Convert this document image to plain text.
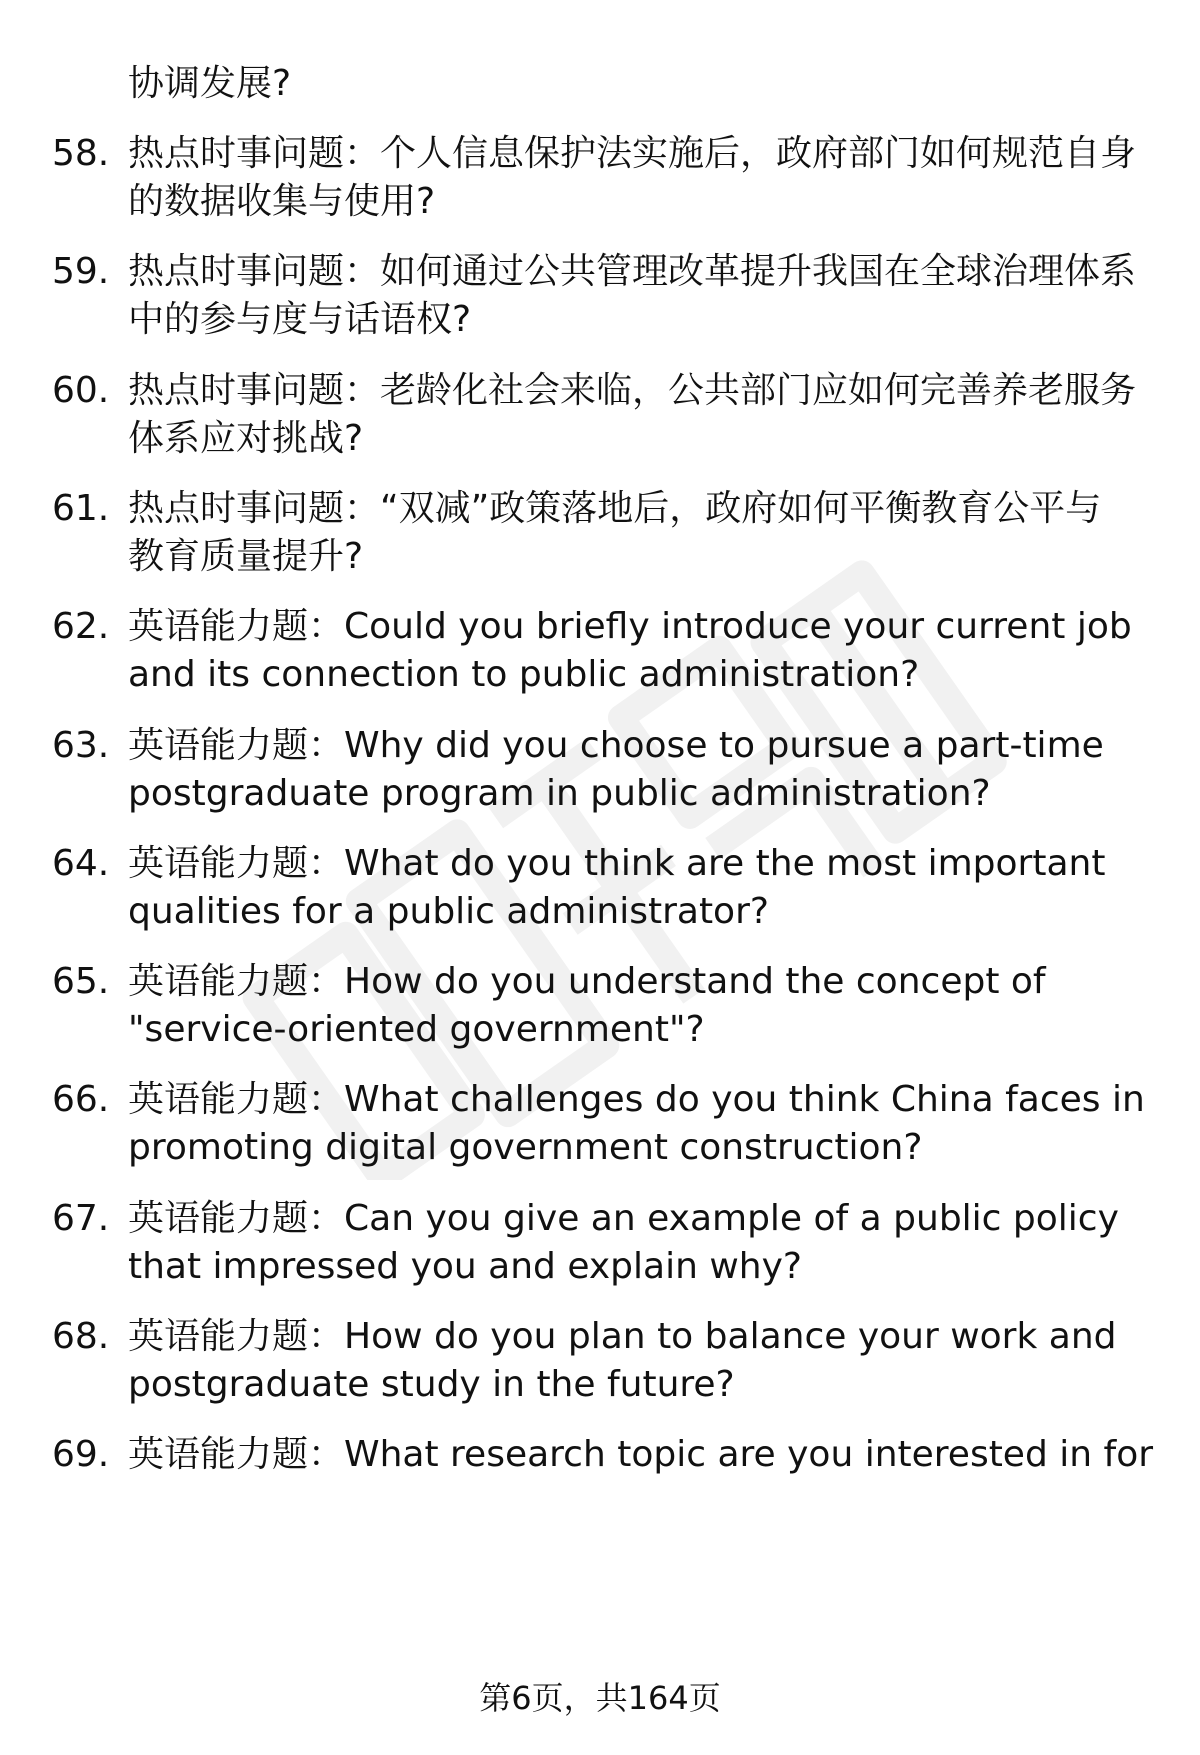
协调发展?
58. 热点时事问题：个人信息保护法实施后，政府部门如何规范自身
的数据收集与使用?
59. 热点时事问题：如何通过公共管理改革提升我国在全球治理体系
中的参与度与话语权?
60. 热点时事问题：老龄化社会来临，公共部门应如何完善养老服务
体系应对挑战?
61. 热点时事问题：“双减”政策落地后，政府如何平衡教育公平与
教育质量提升?
62. 英语能力题：Could you briefly introduce your current job
and its connection to public administration?
63. 英语能力题：Why did you choose to pursue a part-time
postgraduate program in public administration?
64. 英语能力题：What do you think are the most important
qualities for a public administrator?
65. 英语能力题：How do you understand the concept of
"service-oriented government"?
66. 英语能力题：What challenges do you think China faces in
promoting digital government construction?
67. 英语能力题：Can you give an example of a public policy
that impressed you and explain why?
68. 英语能力题：How do you plan to balance your work and
postgraduate study in the future?
69. 英语能力题：What research topic are you interested in for
第6页，共164页
